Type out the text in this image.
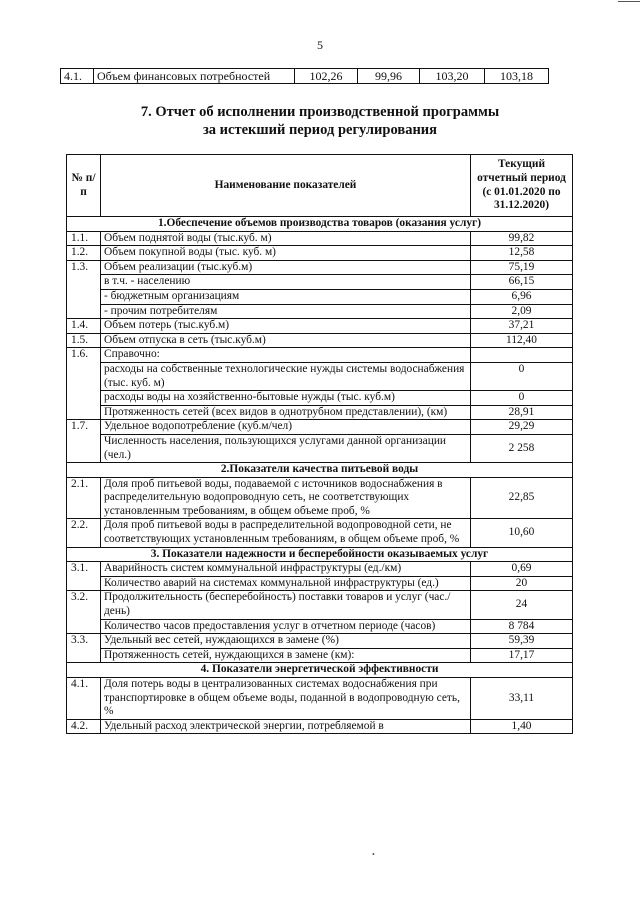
5
4.1.	Объем финансовых потребностей	102,26	99,96	103,20	103,18
7. Отчет об исполнении производственной программы
за истекший период регулирования
№ п/п	Наименование показателей	Текущий отчетный период (с 01.01.2020 по 31.12.2020)
1.Обеспечение объемов производства товаров (оказания услуг)		
1.1.	Объем поднятой воды (тыс.куб. м)	99,82
1.2.	Объем покупной воды (тыс. куб. м)	12,58
1.3.	Объем реализации (тыс.куб.м)	75,19
	в т.ч. - населению	66,15
	- бюджетным организациям	6,96
	- прочим потребителям	2,09
1.4.	Объем потерь (тыс.куб.м)	37,21
1.5.	Объем отпуска в сеть (тыс.куб.м)	112,40
1.6.	Справочно:	
	расходы на собственные технологические нужды системы водоснабжения (тыс. куб. м)	0
	расходы воды на хозяйственно-бытовые нужды (тыс. куб.м)	0
	Протяженность сетей (всех видов в однотрубном представлении), (км)	28,91
1.7.	Удельное водопотребление (куб.м/чел)	29,29
	Численность населения, пользующихся услугами данной организации (чел.)	2 258
2.Показатели качества питьевой воды		
2.1.	Доля проб питьевой воды, подаваемой с источников водоснабжения в распределительную водопроводную сеть, не соответствующих установленным требованиям, в общем объеме проб, %	22,85
2.2.	Доля проб питьевой воды в распределительной водопроводной сети, не соответствующих установленным требованиям, в общем объеме проб, %	10,60
3. Показатели надежности и бесперебойности оказываемых услуг		
3.1.	Аварийность систем коммунальной инфраструктуры (ед./км)	0,69
	Количество аварий на системах коммунальной инфраструктуры (ед.)	20
3.2.	Продолжительность (бесперебойность) поставки товаров и услуг (час./день)	24
	Количество часов предоставления услуг в отчетном периоде (часов)	8 784
3.3.	Удельный вес сетей, нуждающихся в замене (%)	59,39
	Протяженность сетей, нуждающихся в замене (км):	17,17
4. Показатели энергетической эффективности		
4.1.	Доля потерь воды в централизованных системах водоснабжения при транспортировке в общем объеме воды, поданной в водопроводную сеть, %	33,11
4.2.	Удельный расход электрической энергии, потребляемой в	1,40
•
